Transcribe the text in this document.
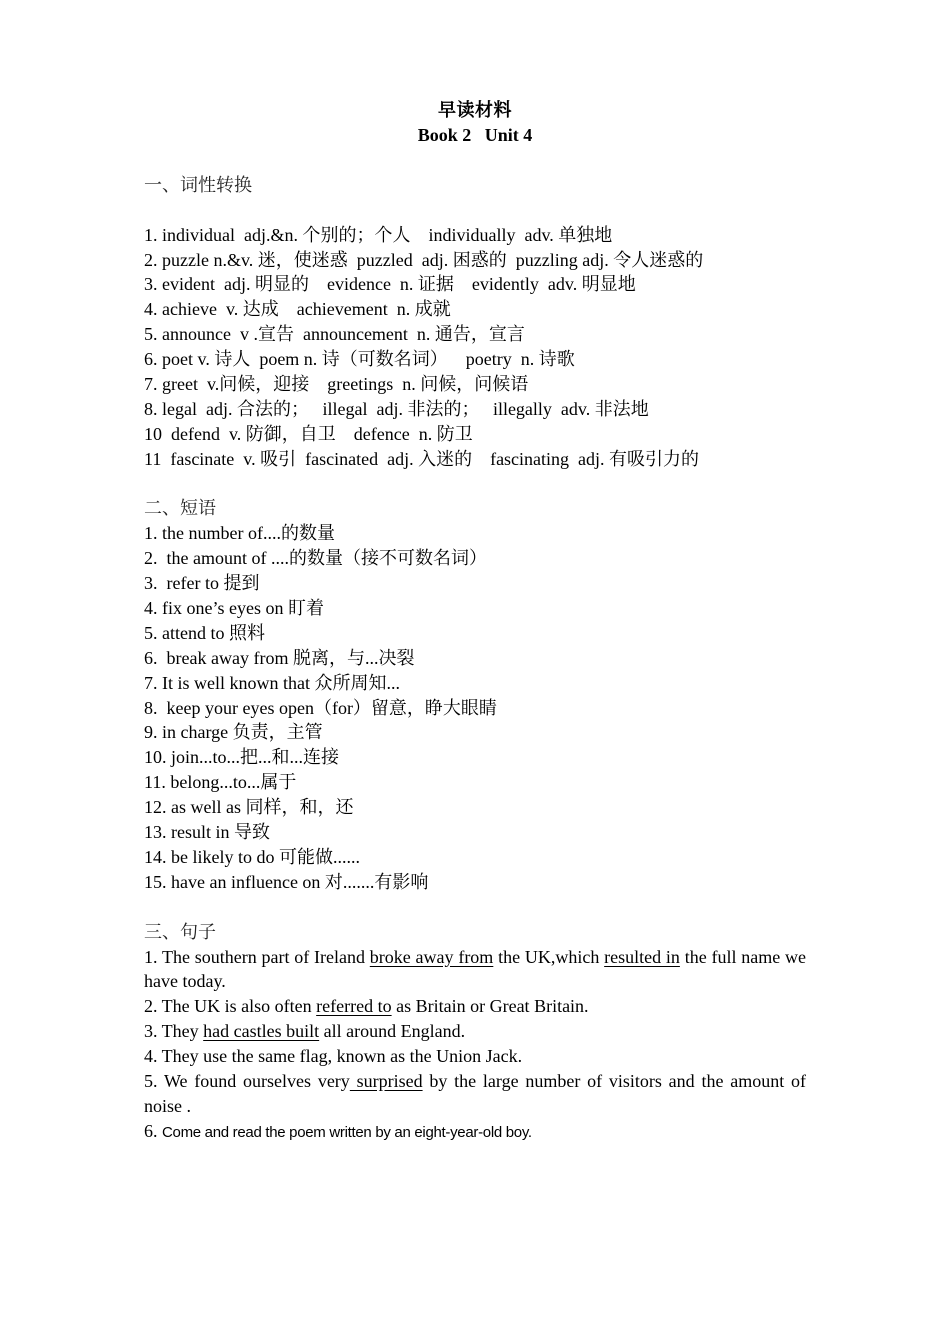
早读材料
Book 2   Unit 4
一、词性转换
1. individual  adj.&n. 个别的；个人    individually  adv. 单独地
2. puzzle n.&v. 迷，使迷惑  puzzled  adj. 困惑的  puzzling adj. 令人迷惑的
3. evident  adj. 明显的    evidence  n. 证据    evidently  adv. 明显地
4. achieve  v. 达成    achievement  n. 成就
5. announce  v .宣告  announcement  n. 通告，宣言
6. poet v. 诗人  poem n. 诗（可数名词）    poetry  n. 诗歌
7. greet  v.问候，迎接    greetings  n. 问候，问候语
8. legal  adj. 合法的；   illegal  adj. 非法的；   illegally  adv. 非法地
10  defend  v. 防御，自卫    defence  n. 防卫
11  fascinate  v. 吸引  fascinated  adj. 入迷的    fascinating  adj. 有吸引力的
二、短语
1. the number of....的数量
2.  the amount of ....的数量（接不可数名词）
3.  refer to 提到
4. fix one’s eyes on 盯着
5. attend to 照料
6.  break away from 脱离，与...决裂
7. It is well known that 众所周知...
8.  keep your eyes open（for）留意，睁大眼睛
9. in charge 负责，主管
10. join...to...把...和...连接
11. belong...to...属于
12. as well as 同样，和，还
13. result in 导致
14. be likely to do 可能做......
15. have an influence on 对.......有影响
三、句子
1. The southern part of Ireland broke away from the UK,which resulted in the full name we have today.
2. The UK is also often referred to as Britain or Great Britain.
3. They had castles built all around England.
4. They use the same flag, known as the Union Jack.
5. We found ourselves very surprised by the large number of visitors and the amount of noise .
6. Come and read the poem written by an eight-year-old boy.
